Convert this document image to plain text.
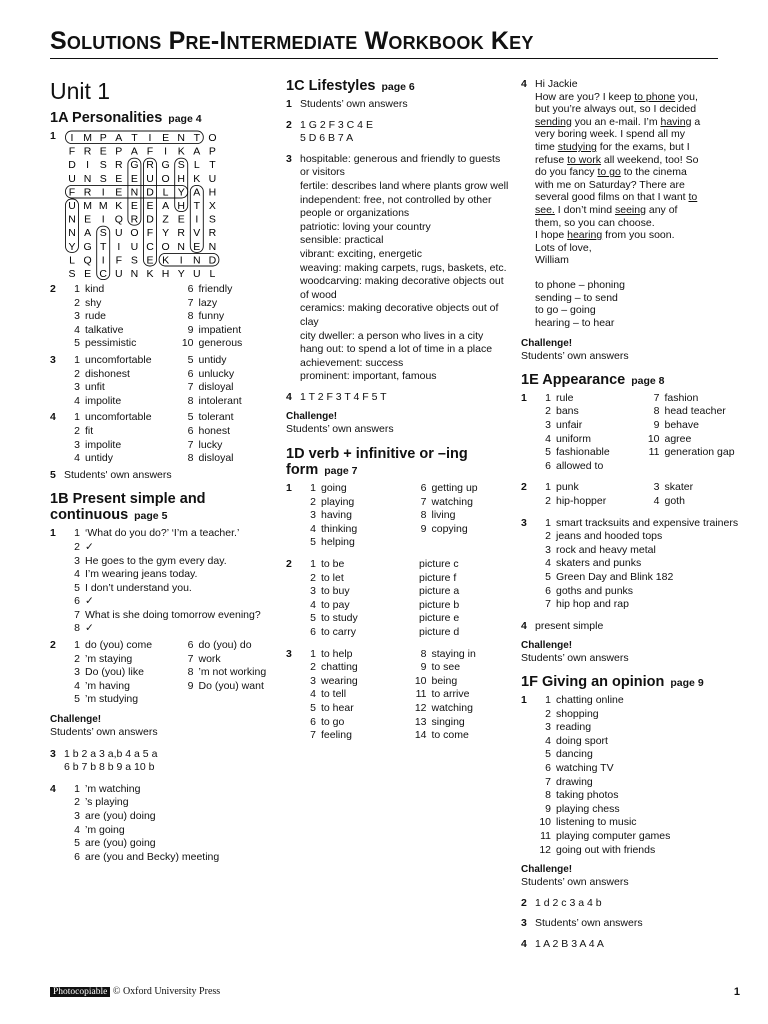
Solutions Pre-Intermediate Workbook Key
Unit 1
1A Personalities page 4
1	I M P A T I E N T O
F R E P A F I K A P
D I S R G R G S L T
U N S E E U O H K U
F R I E N D L Y A H
U M M K E E A H T X
N E I Q R D Z E I S
N A S U O F Y R V R
Y G T I U C O N E N
L Q I F S E K I N D
S E C U N K H Y U L
2	1 kind	6 friendly
2 shy	7 lazy
3 rude	8 funny
4 talkative	9 impatient
5 pessimistic	10 generous
3	1 uncomfortable	5 untidy
2 dishonest	6 unlucky
3 unfit	7 disloyal
4 impolite	8 intolerant
4	1 uncomfortable	5 tolerant
2 fit	6 honest
3 impolite	7 lucky
4 untidy	8 disloyal
5 Students' own answers
1B Present simple and
continuous page 5
1	1 ‘What do you do?’ ‘I’m a teacher.’
2 ✓
3 He goes to the gym every day.
4 I’m wearing jeans today.
5 I don’t understand you.
6 ✓
7 What is she doing tomorrow evening?
8 ✓
2	1 do (you) come	6 do (you) do
2 ’m staying	7 work
3 Do (you) like	8 ’m not working
4 ’m having	9 Do (you) want
5 ’m studying
Challenge!
Students’ own answers
3 1 b 2 a 3 a,b 4 a 5 a
6 b 7 b 8 b 9 a 10 b
4	1 ’m watching
2 ’s playing
3 are (you) doing
4 ’m going
5 are (you) going
6 are (you and Becky) meeting
1C Lifestyles page 6
1 Students’ own answers
2 1 G 2 F 3 C 4 E
5 D 6 B 7 A
3 hospitable: generous and friendly to guests or visitors
fertile: describes land where plants grow well
independent: free, not controlled by other people or organizations
patriotic: loving your country
sensible: practical
vibrant: exciting, energetic
weaving: making carpets, rugs, baskets, etc.
woodcarving: making decorative objects out of wood
ceramics: making decorative objects out of clay
city dweller: a person who lives in a city
hang out: to spend a lot of time in a place
achievement: success
prominent: important, famous
4 1 T 2 F 3 T 4 F 5 T
Challenge!
Students’ own answers
1D verb + infinitive or –ing
form page 7
1	1 going	6 getting up
2 playing	7 watching
3 having	8 living
4 thinking	9 copying
5 helping
2	1 to be	picture c
2 to let	picture f
3 to buy	picture a
4 to pay	picture b
5 to study	picture e
6 to carry	picture d
3	1 to help	8 staying in
2 chatting	9 to see
3 wearing	10 being
4 to tell	11 to arrive
5 to hear	12 watching
6 to go	13 singing
7 feeling	14 to come
4 Hi Jackie
How are you? I keep to phone you,
but you’re always out, so I decided
sending you an e-mail. I’m having a
very boring week. I spend all my
time studying for the exams, but I
refuse to work all weekend, too! So
do you fancy to go to the cinema
with me on Saturday? There are
several good films on that I want to
see. I don’t mind seeing any of
them, so you can choose.
I hope hearing from you soon.
Lots of love,
William
to phone – phoning
sending – to send
to go – going
hearing – to hear
Challenge!
Students’ own answers
1E Appearance page 8
1	1 rule	7 fashion
2 bans	8 head teacher
3 unfair	9 behave
4 uniform	10 agree
5 fashionable	11 generation gap
6 allowed to
2	1 punk	3 skater
2 hip-hopper	4 goth
3	1 smart tracksuits and expensive trainers
2 jeans and hooded tops
3 rock and heavy metal
4 skaters and punks
5 Green Day and Blink 182
6 goths and punks
7 hip hop and rap
4 present simple
Challenge!
Students’ own answers
1F Giving an opinion page 9
1	1 chatting online
2 shopping
3 reading
4 doing sport
5 dancing
6 watching TV
7 drawing
8 taking photos
9 playing chess
10 listening to music
11 playing computer games
12 going out with friends
Challenge!
Students’ own answers
2 1 d 2 c 3 a 4 b
3 Students’ own answers
4 1 A 2 B 3 A 4 A
Photocopiable © Oxford University Press	1
